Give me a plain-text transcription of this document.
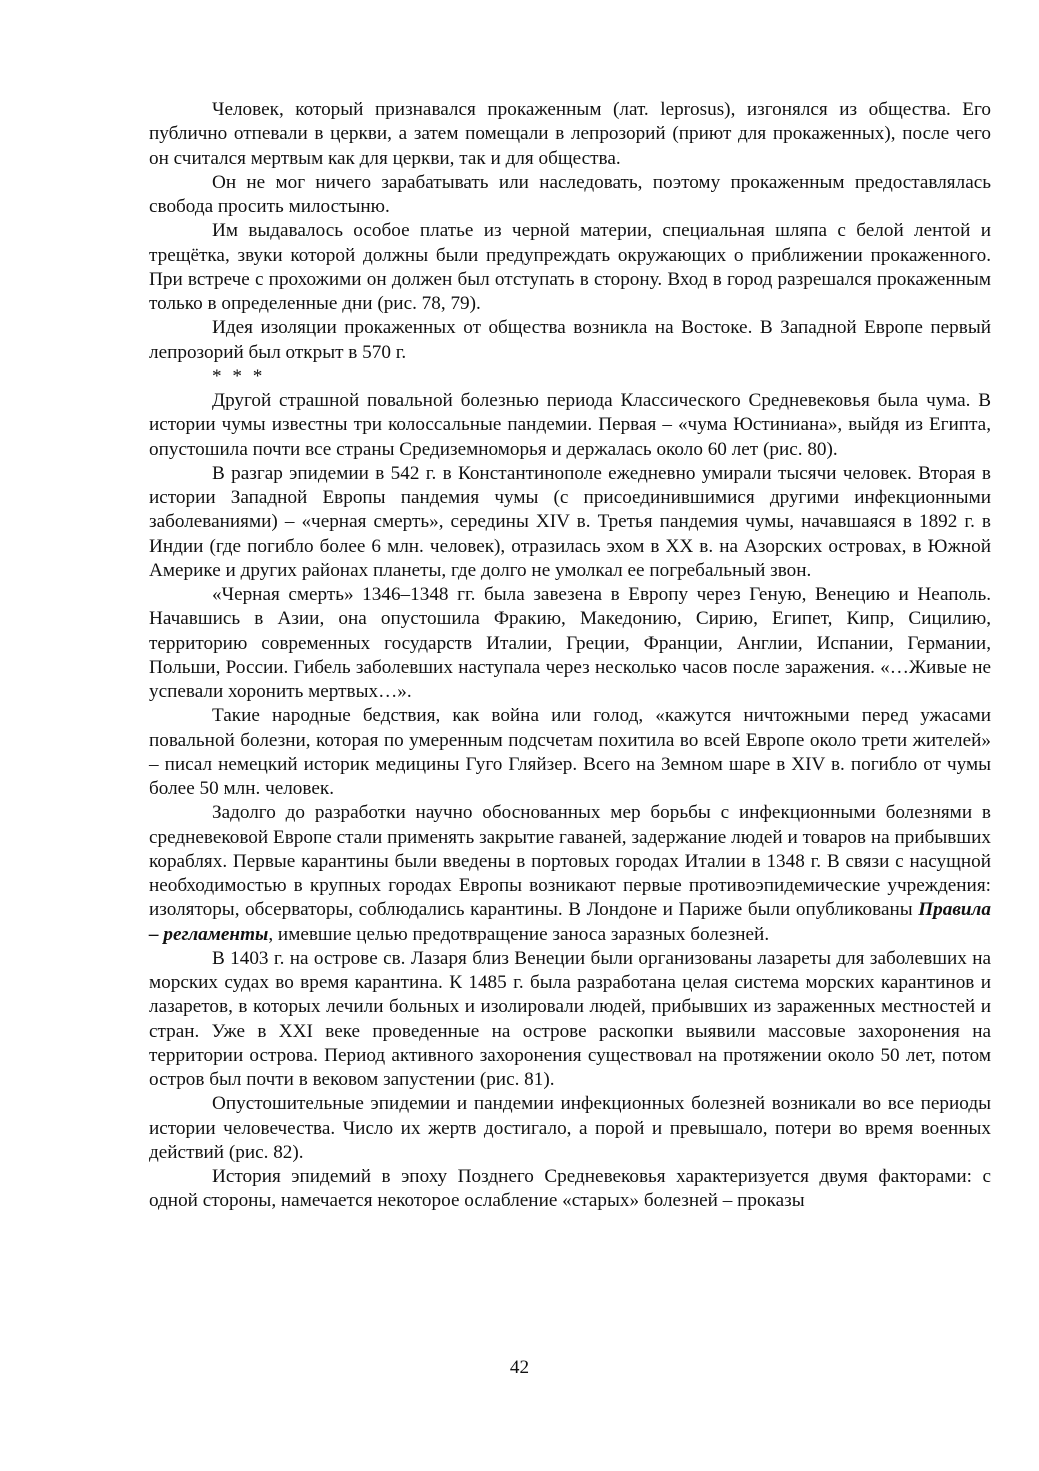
Человек, который признавался прокаженным (лат. leprosus), изгонялся из общества. Его публично отпевали в церкви, а затем помещали в лепрозорий (приют для прокаженных), после чего он считался мертвым как для церкви, так и для общества.

Он не мог ничего зарабатывать или наследовать, поэтому прокаженным предоставлялась свобода просить милостыню.

Им выдавалось особое платье из черной материи, специальная шляпа с белой лентой и трещётка, звуки которой должны были предупреждать окружающих о приближении прокаженного. При встрече с прохожими он должен был отступать в сторону. Вход в город разрешался прокаженным только в определенные дни (рис. 78, 79).

Идея изоляции прокаженных от общества возникла на Востоке. В Западной Европе первый лепрозорий был открыт в 570 г.

* * *

Другой страшной повальной болезнью периода Классического Средневековья была чума. В истории чумы известны три колоссальные пандемии. Первая – «чума Юстиниана», выйдя из Египта, опустошила почти все страны Средиземноморья и держалась около 60 лет (рис. 80).

В разгар эпидемии в 542 г. в Константинополе ежедневно умирали тысячи человек. Вторая в истории Западной Европы пандемия чумы (с присоединившимися другими инфекционными заболеваниями) – «черная смерть», середины XIV в. Третья пандемия чумы, начавшаяся в 1892 г. в Индии (где погибло более 6 млн. человек), отразилась эхом в XX в. на Азорских островах, в Южной Америке и других районах планеты, где долго не умолкал ее погребальный звон.

«Черная смерть» 1346–1348 гг. была завезена в Европу через Геную, Венецию и Неаполь. Начавшись в Азии, она опустошила Фракию, Македонию, Сирию, Египет, Кипр, Сицилию, территорию современных государств Италии, Греции, Франции, Англии, Испании, Германии, Польши, России. Гибель заболевших наступала через несколько часов после заражения. «…Живые не успевали хоронить мертвых…».

Такие народные бедствия, как война или голод, «кажутся ничтожными перед ужасами повальной болезни, которая по умеренным подсчетам похитила во всей Европе около трети жителей» – писал немецкий историк медицины Гуго Гляйзер. Всего на Земном шаре в XIV в. погибло от чумы более 50 млн. человек.

Задолго до разработки научно обоснованных мер борьбы с инфекционными болезнями в средневековой Европе стали применять закрытие гаваней, задержание людей и товаров на прибывших кораблях. Первые карантины были введены в портовых городах Италии в 1348 г. В связи с насущной необходимостью в крупных городах Европы возникают первые противоэпидемические учреждения: изоляторы, обсерваторы, соблюдались карантины. В Лондоне и Париже были опубликованы Правила – регламенты, имевшие целью предотвращение заноса заразных болезней.

В 1403 г. на острове св. Лазаря близ Венеции были организованы лазареты для заболевших на морских судах во время карантина. К 1485 г. была разработана целая система морских карантинов и лазаретов, в которых лечили больных и изолировали людей, прибывших из зараженных местностей и стран. Уже в XXI веке проведенные на острове раскопки выявили массовые захоронения на территории острова. Период активного захоронения существовал на протяжении около 50 лет, потом остров был почти в вековом запустении (рис. 81).

Опустошительные эпидемии и пандемии инфекционных болезней возникали во все периоды истории человечества. Число их жертв достигало, а порой и превышало, потери во время военных действий (рис. 82).

История эпидемий в эпоху Позднего Средневековья характеризуется двумя факторами: с одной стороны, намечается некоторое ослабление «старых» болезней – проказы

42
